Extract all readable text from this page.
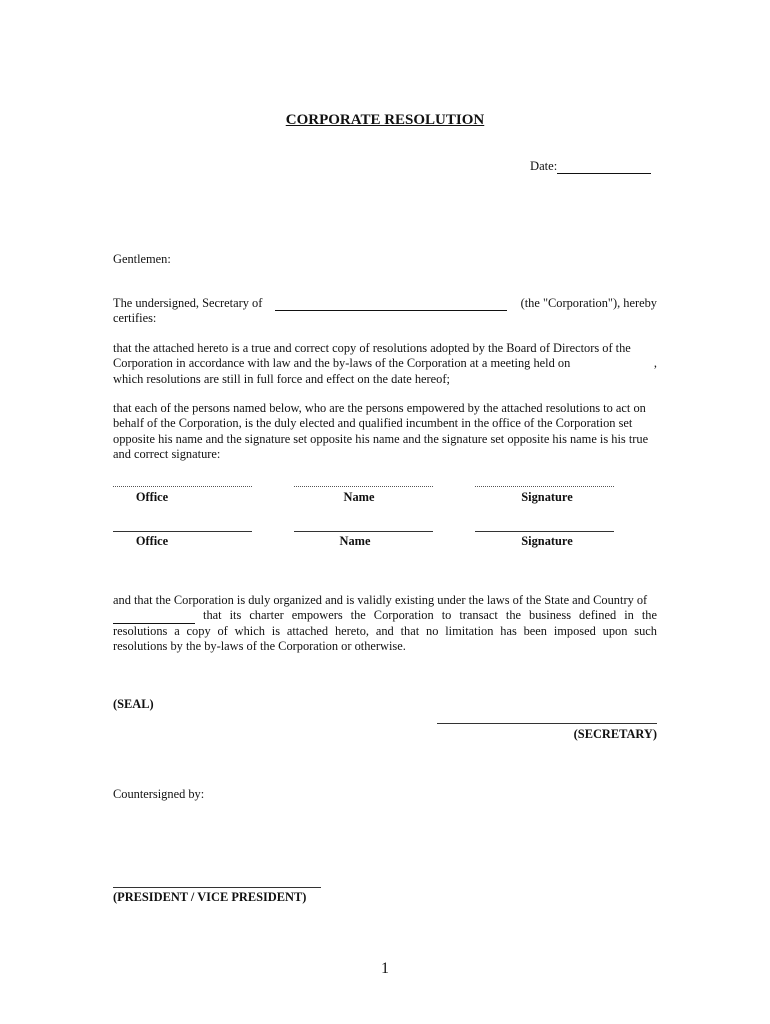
CORPORATE RESOLUTION
Date:
Gentlemen:
The undersigned, Secretary of	(the "Corporation"), hereby
certifies:
that the attached hereto is a true and correct copy of resolutions adopted by the Board of Directors of the
Corporation in accordance with law and the by-laws of the Corporation at a meeting held on	,
which resolutions are still in full force and effect on the date hereof;
that each of the persons named below, who are the persons empowered by the attached resolutions to act on
behalf of the Corporation, is the duly elected and qualified incumbent in the office of the Corporation set
opposite his name and the signature set opposite his name and the signature set opposite his name is his true
and correct signature:
Office	Name	Signature
Office	Name	Signature
and that the Corporation is duly organized and is validly existing under the laws of the State and Country of
that its charter empowers the Corporation to transact the business defined in the
resolutions a copy of which is attached hereto, and that no limitation has been imposed upon such
resolutions by the by-laws of the Corporation or otherwise.
(SEAL)
(SECRETARY)
Countersigned by:
(PRESIDENT / VICE PRESIDENT)
1
